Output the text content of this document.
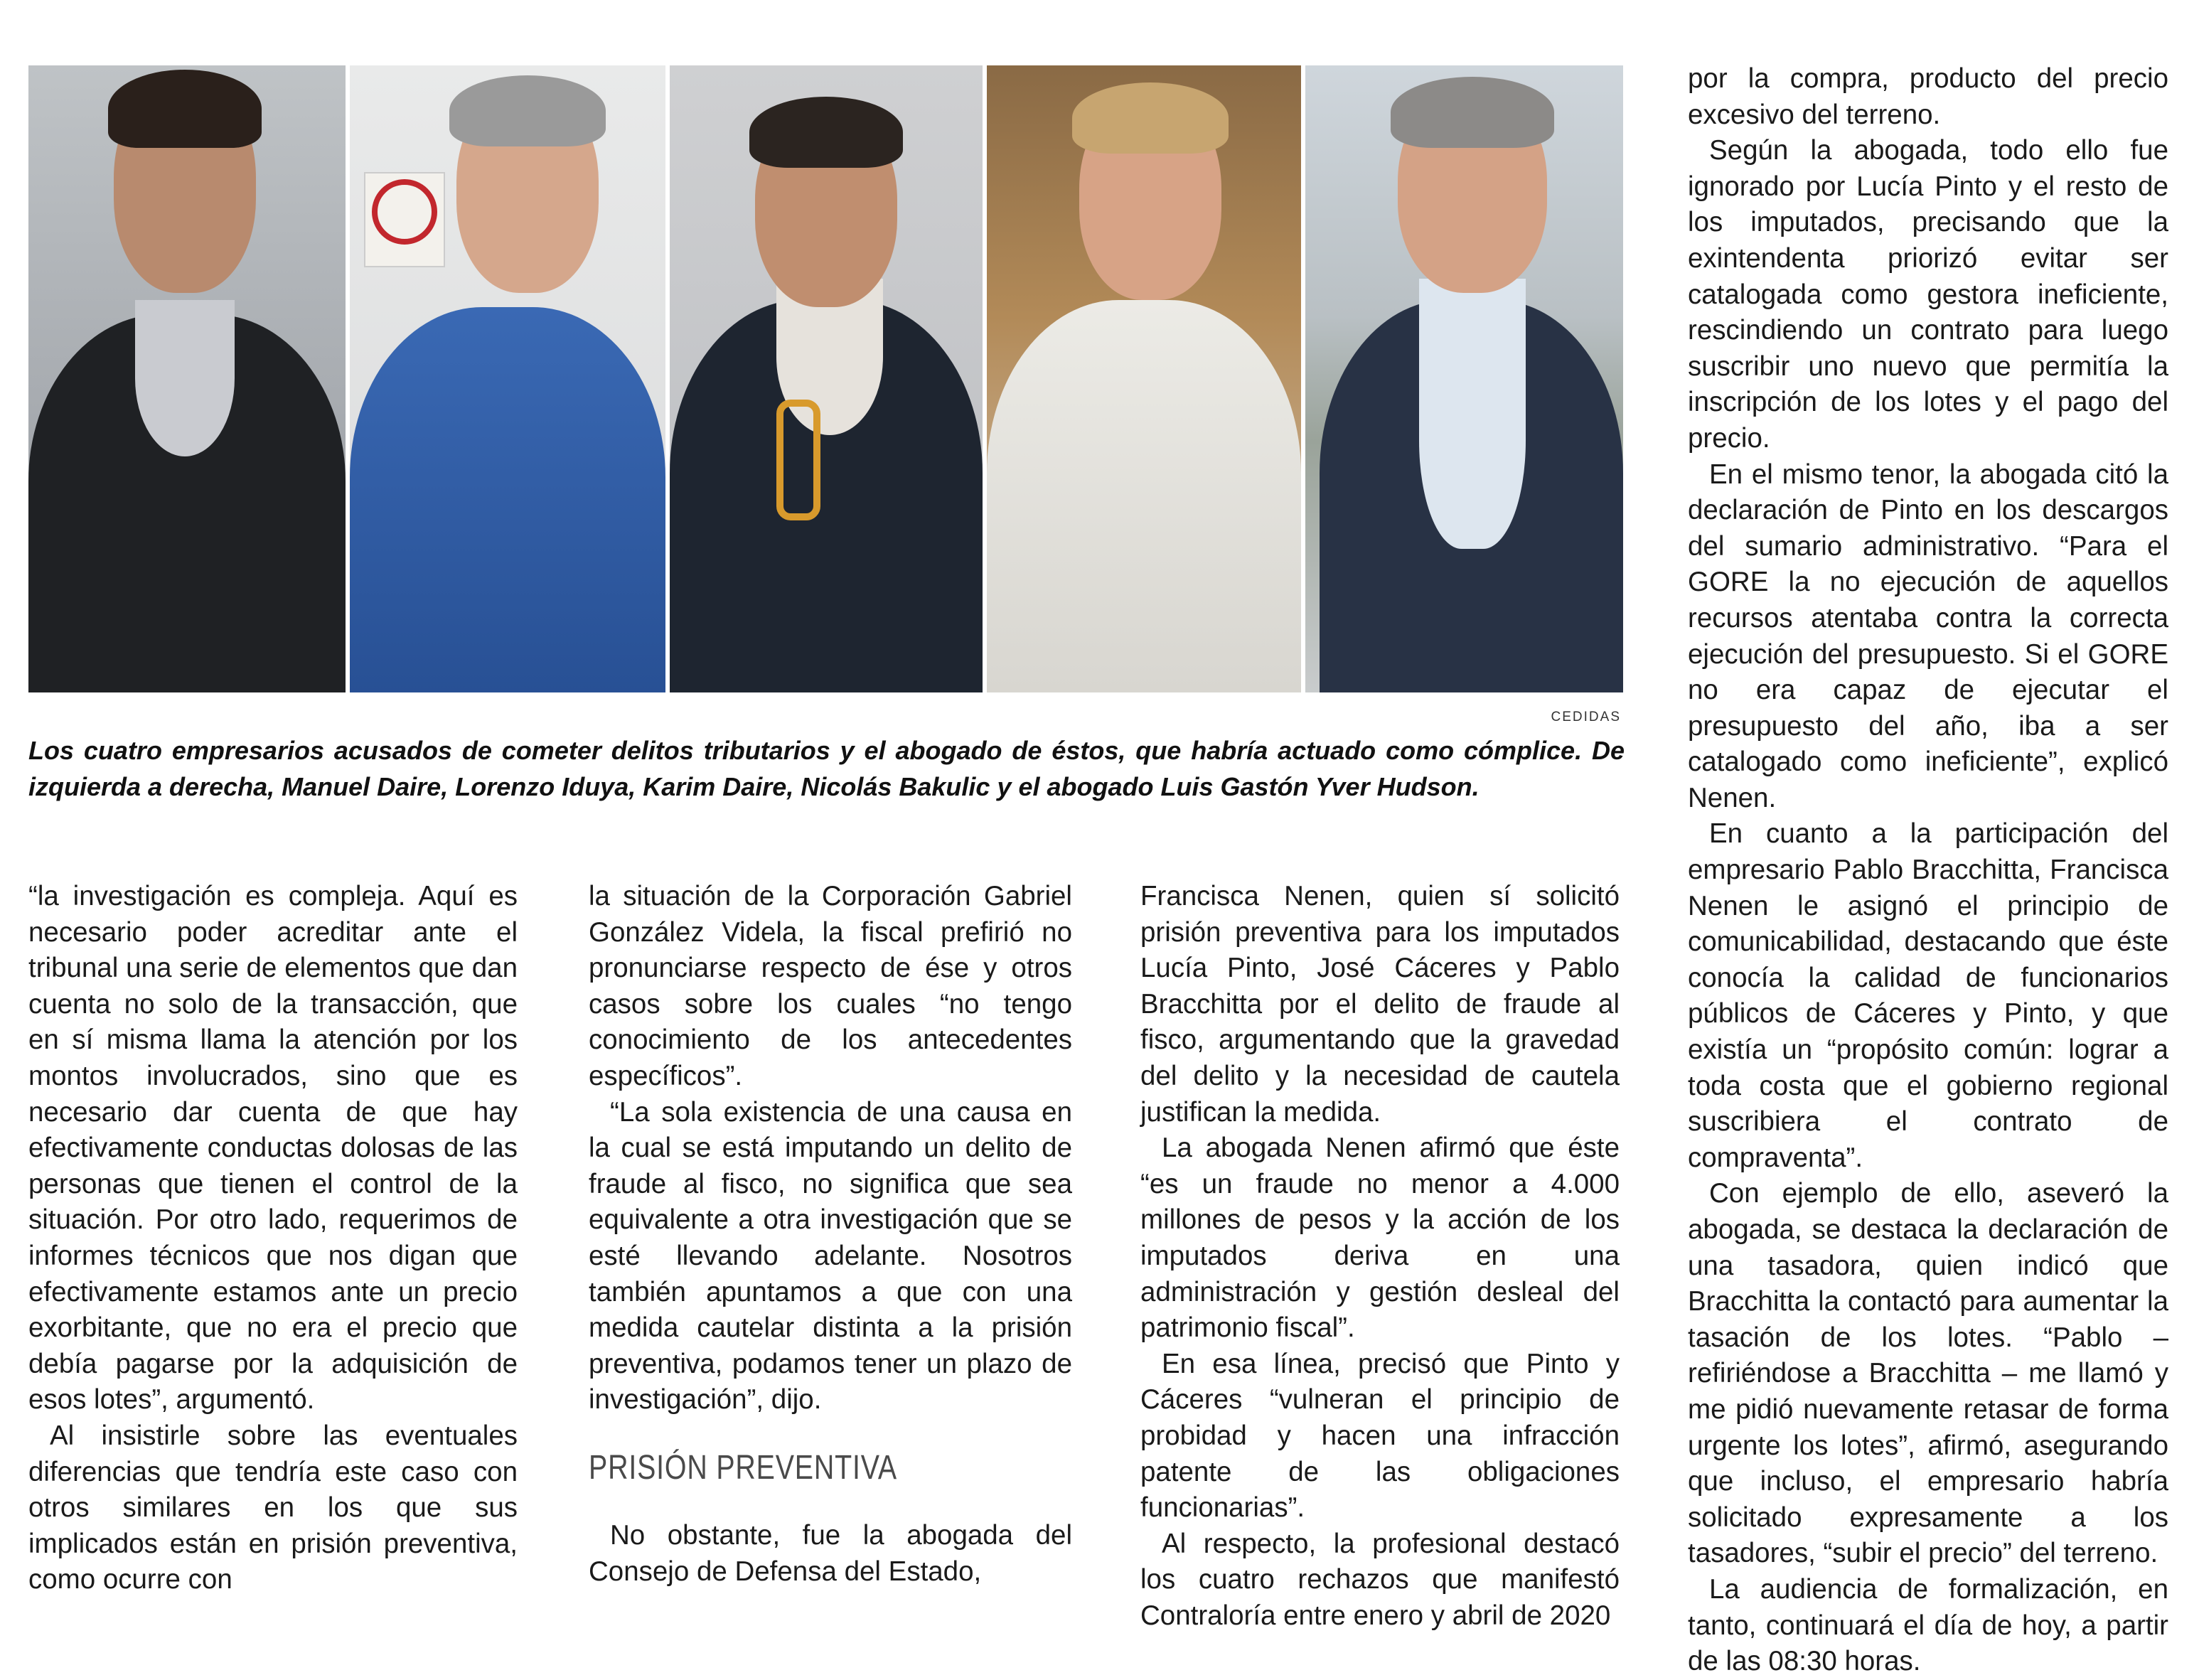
CEDIDAS
Los cuatro empresarios acusados de cometer delitos tributarios y el abogado de éstos, que habría actuado como cómplice. De izquierda a derecha, Manuel Daire, Lorenzo Iduya, Karim Daire, Nicolás Bakulic y el abogado Luis Gastón Yver Hudson.

“la investigación es compleja. Aquí es necesario poder acreditar ante el tribunal una serie de elementos que dan cuenta no solo de la transacción, que en sí misma llama la atención por los montos involucrados, sino que es necesario dar cuenta de que hay efectivamente conductas dolosas de las personas que tienen el control de la situación. Por otro lado, requerimos de informes técnicos que nos digan que efectivamente estamos ante un precio exorbitante, que no era el precio que debía pagarse por la adquisición de esos lotes”, argumentó.

Al insistirle sobre las eventuales diferencias que tendría este caso con otros similares en los que sus implicados están en prisión preventiva, como ocurre con

la situación de la Corporación Gabriel González Videla, la fiscal prefirió no pronunciarse respecto de ése y otros casos sobre los cuales “no tengo conocimiento de los antecedentes específicos”.

“La sola existencia de una causa en la cual se está imputando un delito de fraude al fisco, no significa que sea equivalente a otra investigación que se esté llevando adelante. Nosotros también apuntamos a que con una medida cautelar distinta a la prisión preventiva, podamos tener un plazo de investigación”, dijo.

PRISIÓN PREVENTIVA

No obstante, fue la abogada del Consejo de Defensa del Estado,

Francisca Nenen, quien sí solicitó prisión preventiva para los imputados Lucía Pinto, José Cáceres y Pablo Bracchitta por el delito de fraude al fisco, argumentando que la gravedad del delito y la necesidad de cautela justifican la medida.

La abogada Nenen afirmó que éste “es un fraude no menor a 4.000 millones de pesos y la acción de los imputados deriva en una administración y gestión desleal del patrimonio fiscal”.

En esa línea, precisó que Pinto y Cáceres “vulneran el principio de probidad y hacen una infracción patente de las obligaciones funcionarias”.

Al respecto, la profesional destacó los cuatro rechazos que manifestó Contraloría entre enero y abril de 2020

por la compra, producto del precio excesivo del terreno.

Según la abogada, todo ello fue ignorado por Lucía Pinto y el resto de los imputados, precisando que la exintendenta priorizó evitar ser catalogada como gestora ineficiente, rescindiendo un contrato para luego suscribir uno nuevo que permitía la inscripción de los lotes y el pago del precio.

En el mismo tenor, la abogada citó la declaración de Pinto en los descargos del sumario administrativo. “Para el GORE la no ejecución de aquellos recursos atentaba contra la correcta ejecución del presupuesto. Si el GORE no era capaz de ejecutar el presupuesto del año, iba a ser catalogado como ineficiente”, explicó Nenen.

En cuanto a la participación del empresario Pablo Bracchitta, Francisca Nenen le asignó el principio de comunicabilidad, destacando que éste conocía la calidad de funcionarios públicos de Cáceres y Pinto, y que existía un “propósito común: lograr a toda costa que el gobierno regional suscribiera el contrato de compraventa”.

Con ejemplo de ello, aseveró la abogada, se destaca la declaración de una tasadora, quien indicó que Bracchitta la contactó para aumentar la tasación de los lotes. “Pablo – refiriéndose a Bracchitta – me llamó y me pidió nuevamente retasar de forma urgente los lotes”, afirmó, asegurando que incluso, el empresario habría solicitado expresamente a los tasadores, “subir el precio” del terreno.

La audiencia de formalización, en tanto, continuará el día de hoy, a partir de las 08:30 horas.
